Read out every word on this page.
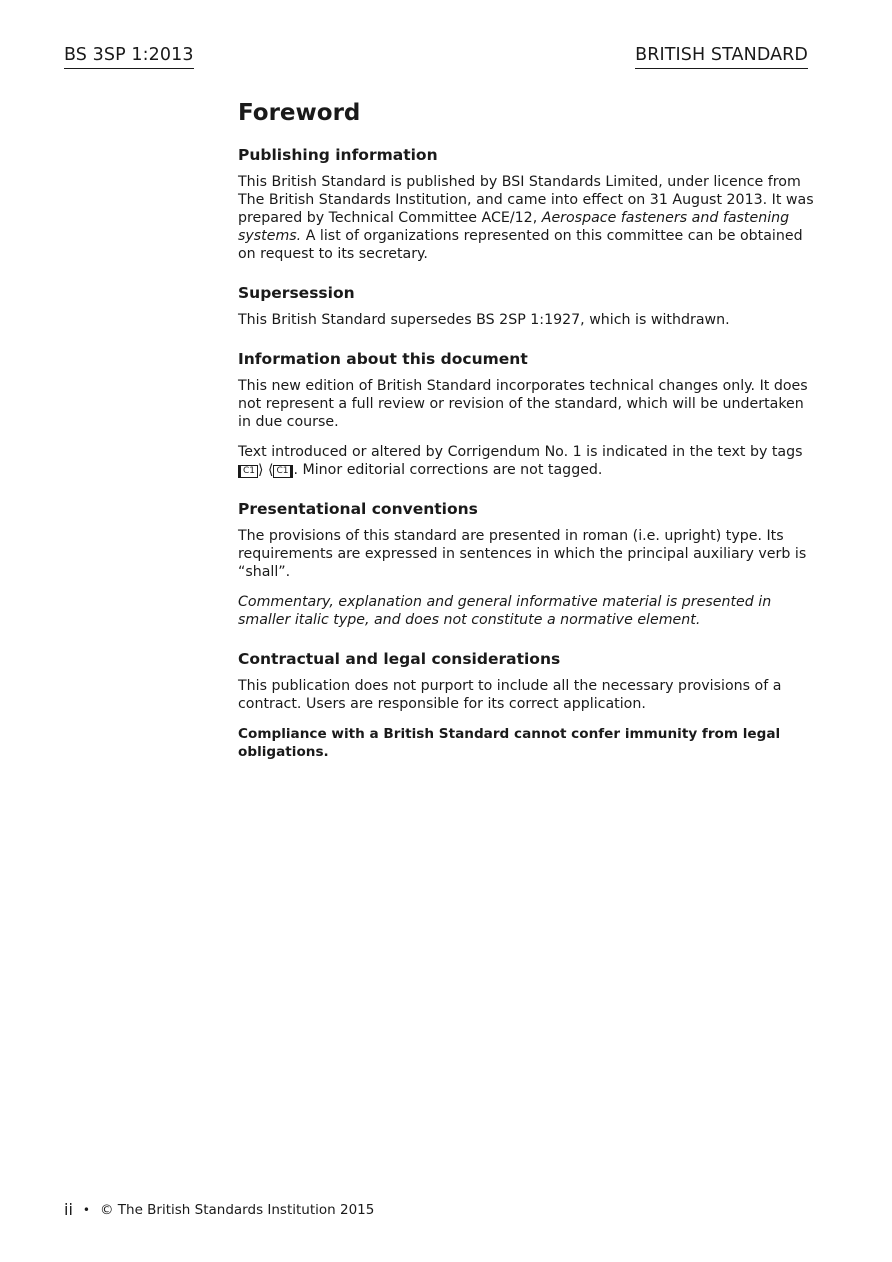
BS 3SP 1:2013	BRITISH STANDARD
Foreword
Publishing information

This British Standard is published by BSI Standards Limited, under licence from The British Standards Institution, and came into effect on 31 August 2013. It was prepared by Technical Committee ACE/12, Aerospace fasteners and fastening systems. A list of organizations represented on this committee can be obtained on request to its secretary.

Supersession

This British Standard supersedes BS 2SP 1:1927, which is withdrawn.

Information about this document

This new edition of British Standard incorporates technical changes only. It does not represent a full review or revision of the standard, which will be undertaken in due course.

Text introduced or altered by Corrigendum No. 1 is indicated in the text by tags C1 ⟩ ⟨ C1 . Minor editorial corrections are not tagged.

Presentational conventions

The provisions of this standard are presented in roman (i.e. upright) type. Its requirements are expressed in sentences in which the principal auxiliary verb is “shall”.

Commentary, explanation and general informative material is presented in smaller italic type, and does not constitute a normative element.

Contractual and legal considerations

This publication does not purport to include all the necessary provisions of a contract. Users are responsible for its correct application.

Compliance with a British Standard cannot confer immunity from legal obligations.

ii • © The British Standards Institution 2015
